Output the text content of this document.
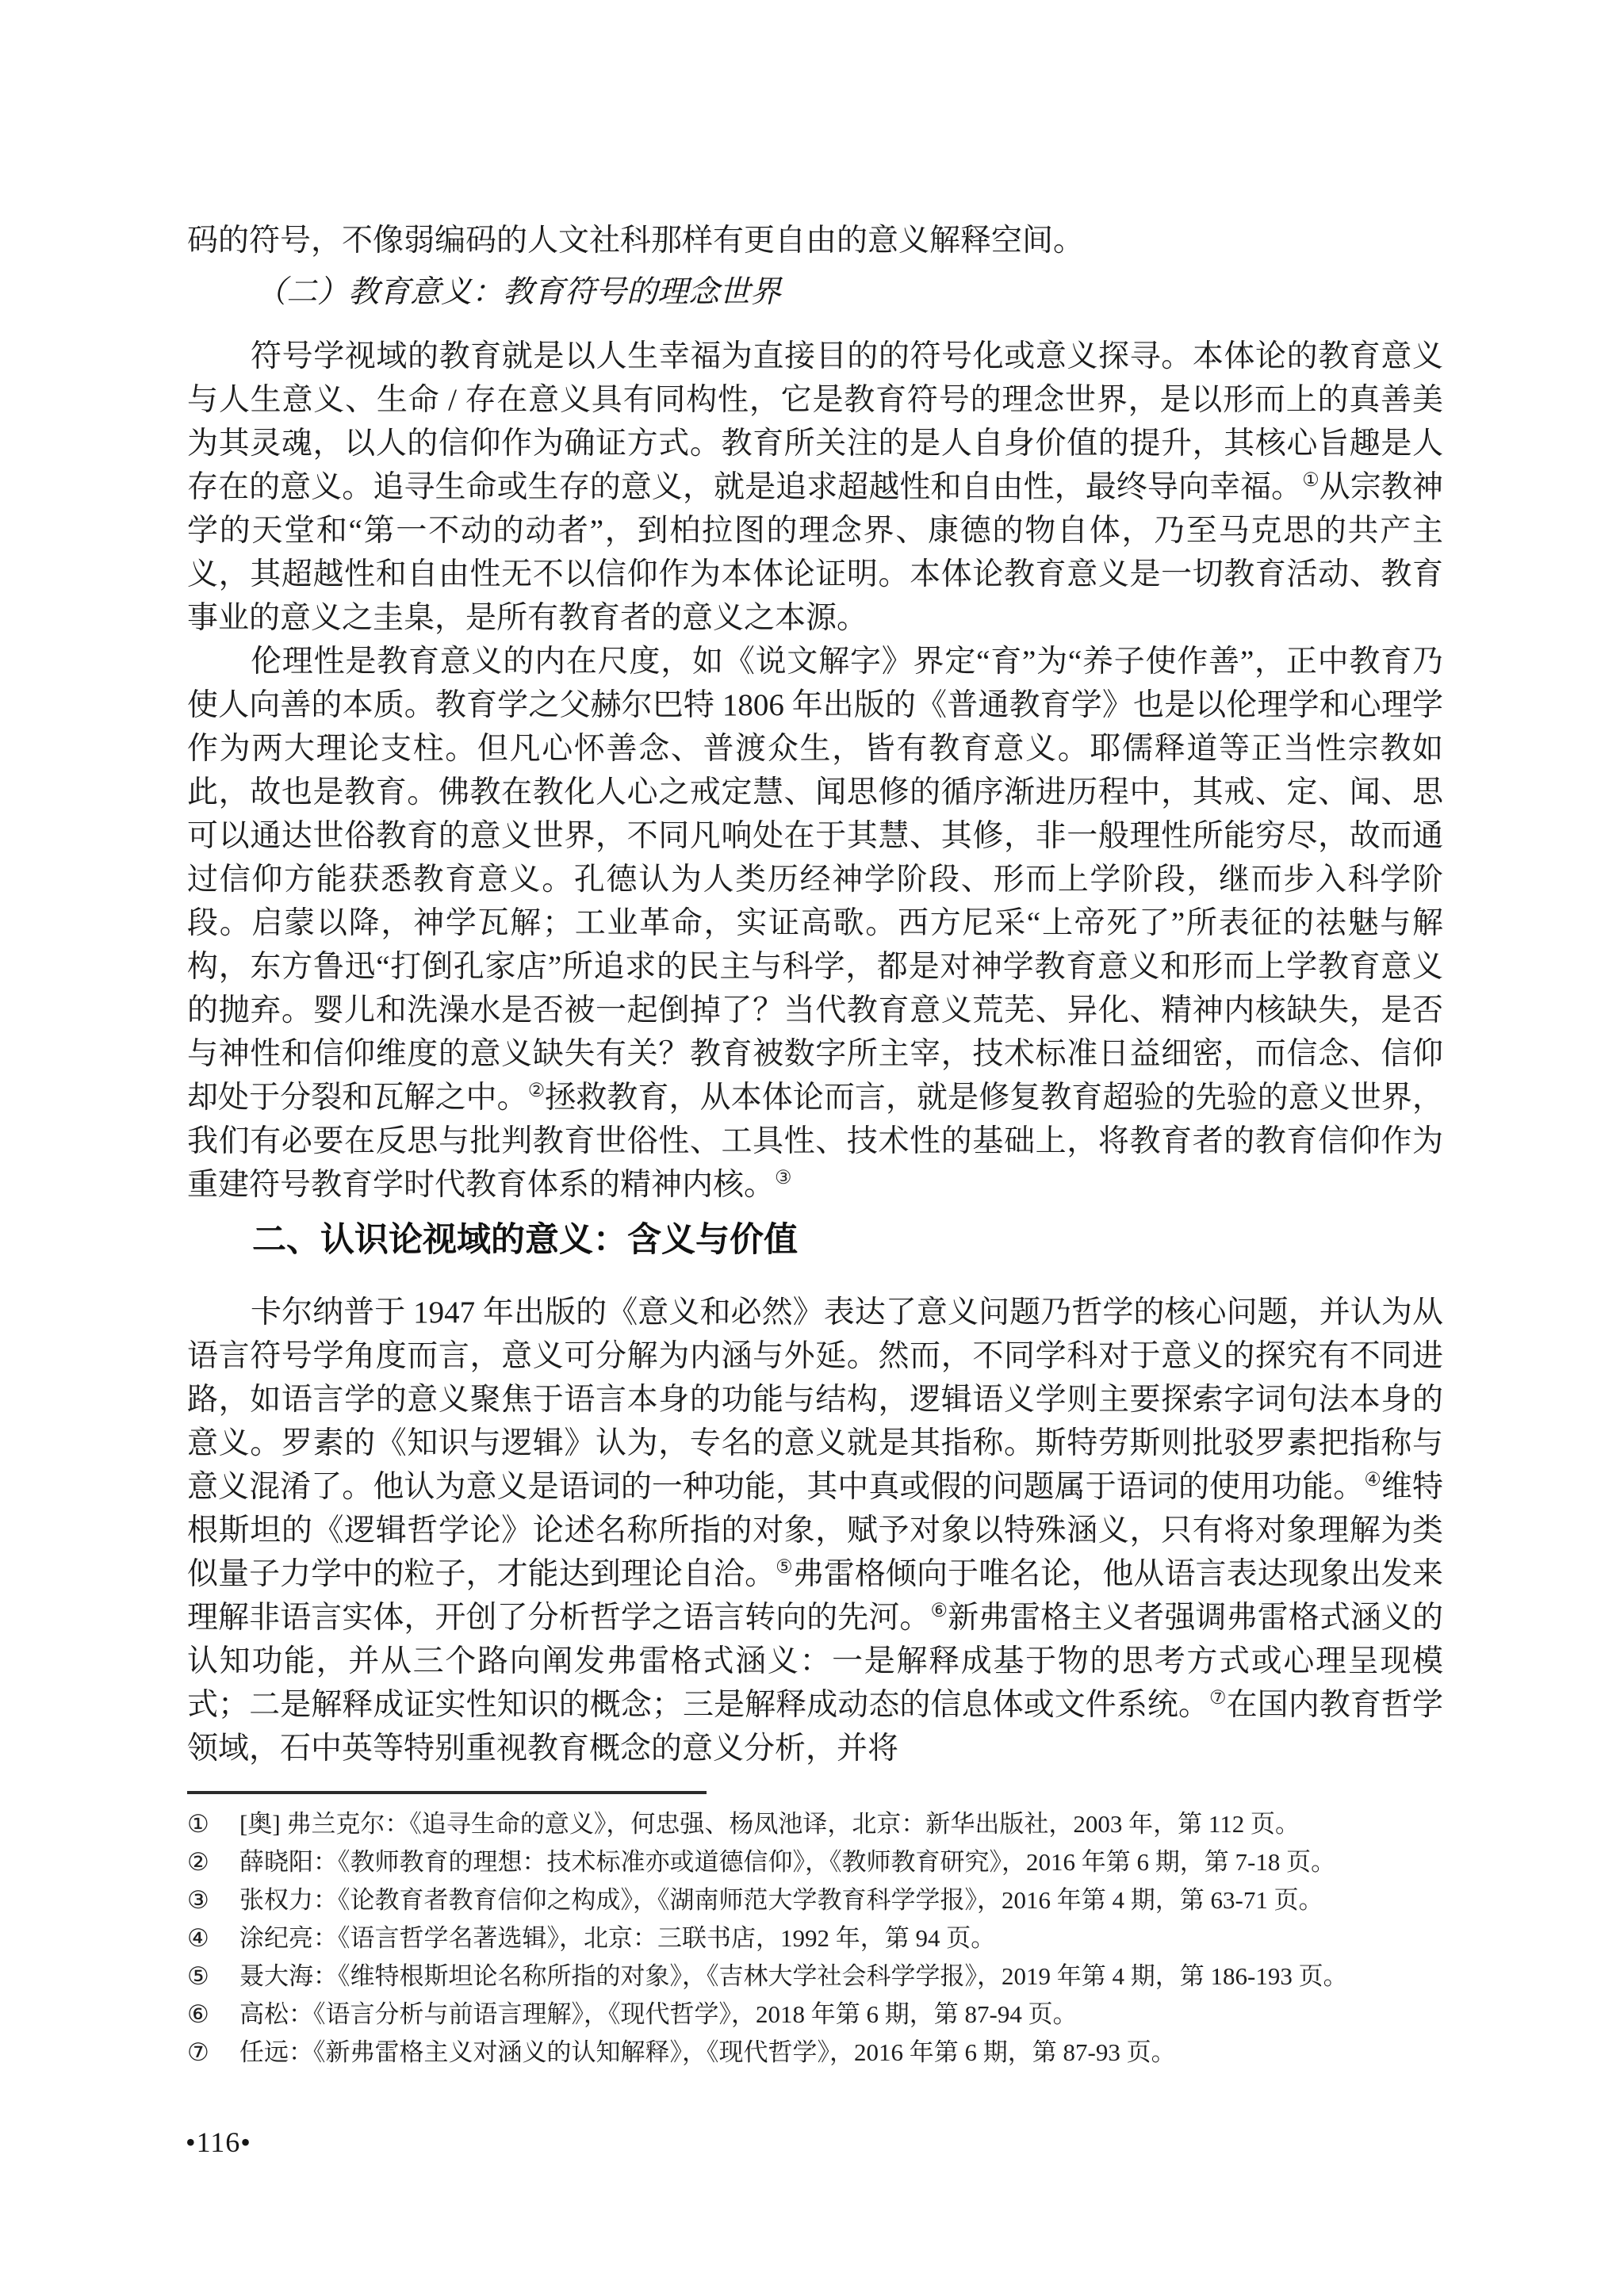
码的符号，不像弱编码的人文社科那样有更自由的意义解释空间。

（二）教育意义：教育符号的理念世界

符号学视域的教育就是以人生幸福为直接目的的符号化或意义探寻。本体论的教育意义与人生意义、生命 / 存在意义具有同构性，它是教育符号的理念世界，是以形而上的真善美为其灵魂，以人的信仰作为确证方式。教育所关注的是人自身价值的提升，其核心旨趣是人存在的意义。追寻生命或生存的意义，就是追求超越性和自由性，最终导向幸福。①从宗教神学的天堂和“第一不动的动者”，到柏拉图的理念界、康德的物自体，乃至马克思的共产主义，其超越性和自由性无不以信仰作为本体论证明。本体论教育意义是一切教育活动、教育事业的意义之圭臬，是所有教育者的意义之本源。

伦理性是教育意义的内在尺度，如《说文解字》界定“育”为“养子使作善”，正中教育乃使人向善的本质。教育学之父赫尔巴特 1806 年出版的《普通教育学》也是以伦理学和心理学作为两大理论支柱。但凡心怀善念、普渡众生，皆有教育意义。耶儒释道等正当性宗教如此，故也是教育。佛教在教化人心之戒定慧、闻思修的循序渐进历程中，其戒、定、闻、思可以通达世俗教育的意义世界，不同凡响处在于其慧、其修，非一般理性所能穷尽，故而通过信仰方能获悉教育意义。孔德认为人类历经神学阶段、形而上学阶段，继而步入科学阶段。启蒙以降，神学瓦解；工业革命，实证高歌。西方尼采“上帝死了”所表征的祛魅与解构，东方鲁迅“打倒孔家店”所追求的民主与科学，都是对神学教育意义和形而上学教育意义的抛弃。婴儿和洗澡水是否被一起倒掉了？当代教育意义荒芜、异化、精神内核缺失，是否与神性和信仰维度的意义缺失有关？教育被数字所主宰，技术标准日益细密，而信念、信仰却处于分裂和瓦解之中。②拯救教育，从本体论而言，就是修复教育超验的先验的意义世界，我们有必要在反思与批判教育世俗性、工具性、技术性的基础上，将教育者的教育信仰作为重建符号教育学时代教育体系的精神内核。③

二、认识论视域的意义：含义与价值

卡尔纳普于 1947 年出版的《意义和必然》表达了意义问题乃哲学的核心问题，并认为从语言符号学角度而言，意义可分解为内涵与外延。然而，不同学科对于意义的探究有不同进路，如语言学的意义聚焦于语言本身的功能与结构，逻辑语义学则主要探索字词句法本身的意义。罗素的《知识与逻辑》认为，专名的意义就是其指称。斯特劳斯则批驳罗素把指称与意义混淆了。他认为意义是语词的一种功能，其中真或假的问题属于语词的使用功能。④维特根斯坦的《逻辑哲学论》论述名称所指的对象，赋予对象以特殊涵义，只有将对象理解为类似量子力学中的粒子，才能达到理论自洽。⑤弗雷格倾向于唯名论，他从语言表达现象出发来理解非语言实体，开创了分析哲学之语言转向的先河。⑥新弗雷格主义者强调弗雷格式涵义的认知功能，并从三个路向阐发弗雷格式涵义：一是解释成基于物的思考方式或心理呈现模式；二是解释成证实性知识的概念；三是解释成动态的信息体或文件系统。⑦在国内教育哲学领域，石中英等特别重视教育概念的意义分析，并将

①	[奥] 弗兰克尔：《追寻生命的意义》，何忠强、杨凤池译，北京：新华出版社，2003 年，第 112 页。
②	薛晓阳：《教师教育的理想：技术标准亦或道德信仰》，《教师教育研究》，2016 年第 6 期，第 7-18 页。
③	张权力：《论教育者教育信仰之构成》，《湖南师范大学教育科学学报》，2016 年第 4 期，第 63-71 页。
④	涂纪亮：《语言哲学名著选辑》，北京：三联书店，1992 年，第 94 页。
⑤	聂大海：《维特根斯坦论名称所指的对象》，《吉林大学社会科学学报》，2019 年第 4 期，第 186-193 页。
⑥	高松：《语言分析与前语言理解》，《现代哲学》，2018 年第 6 期，第 87-94 页。
⑦	任远：《新弗雷格主义对涵义的认知解释》，《现代哲学》，2016 年第 6 期，第 87-93 页。
•116•
